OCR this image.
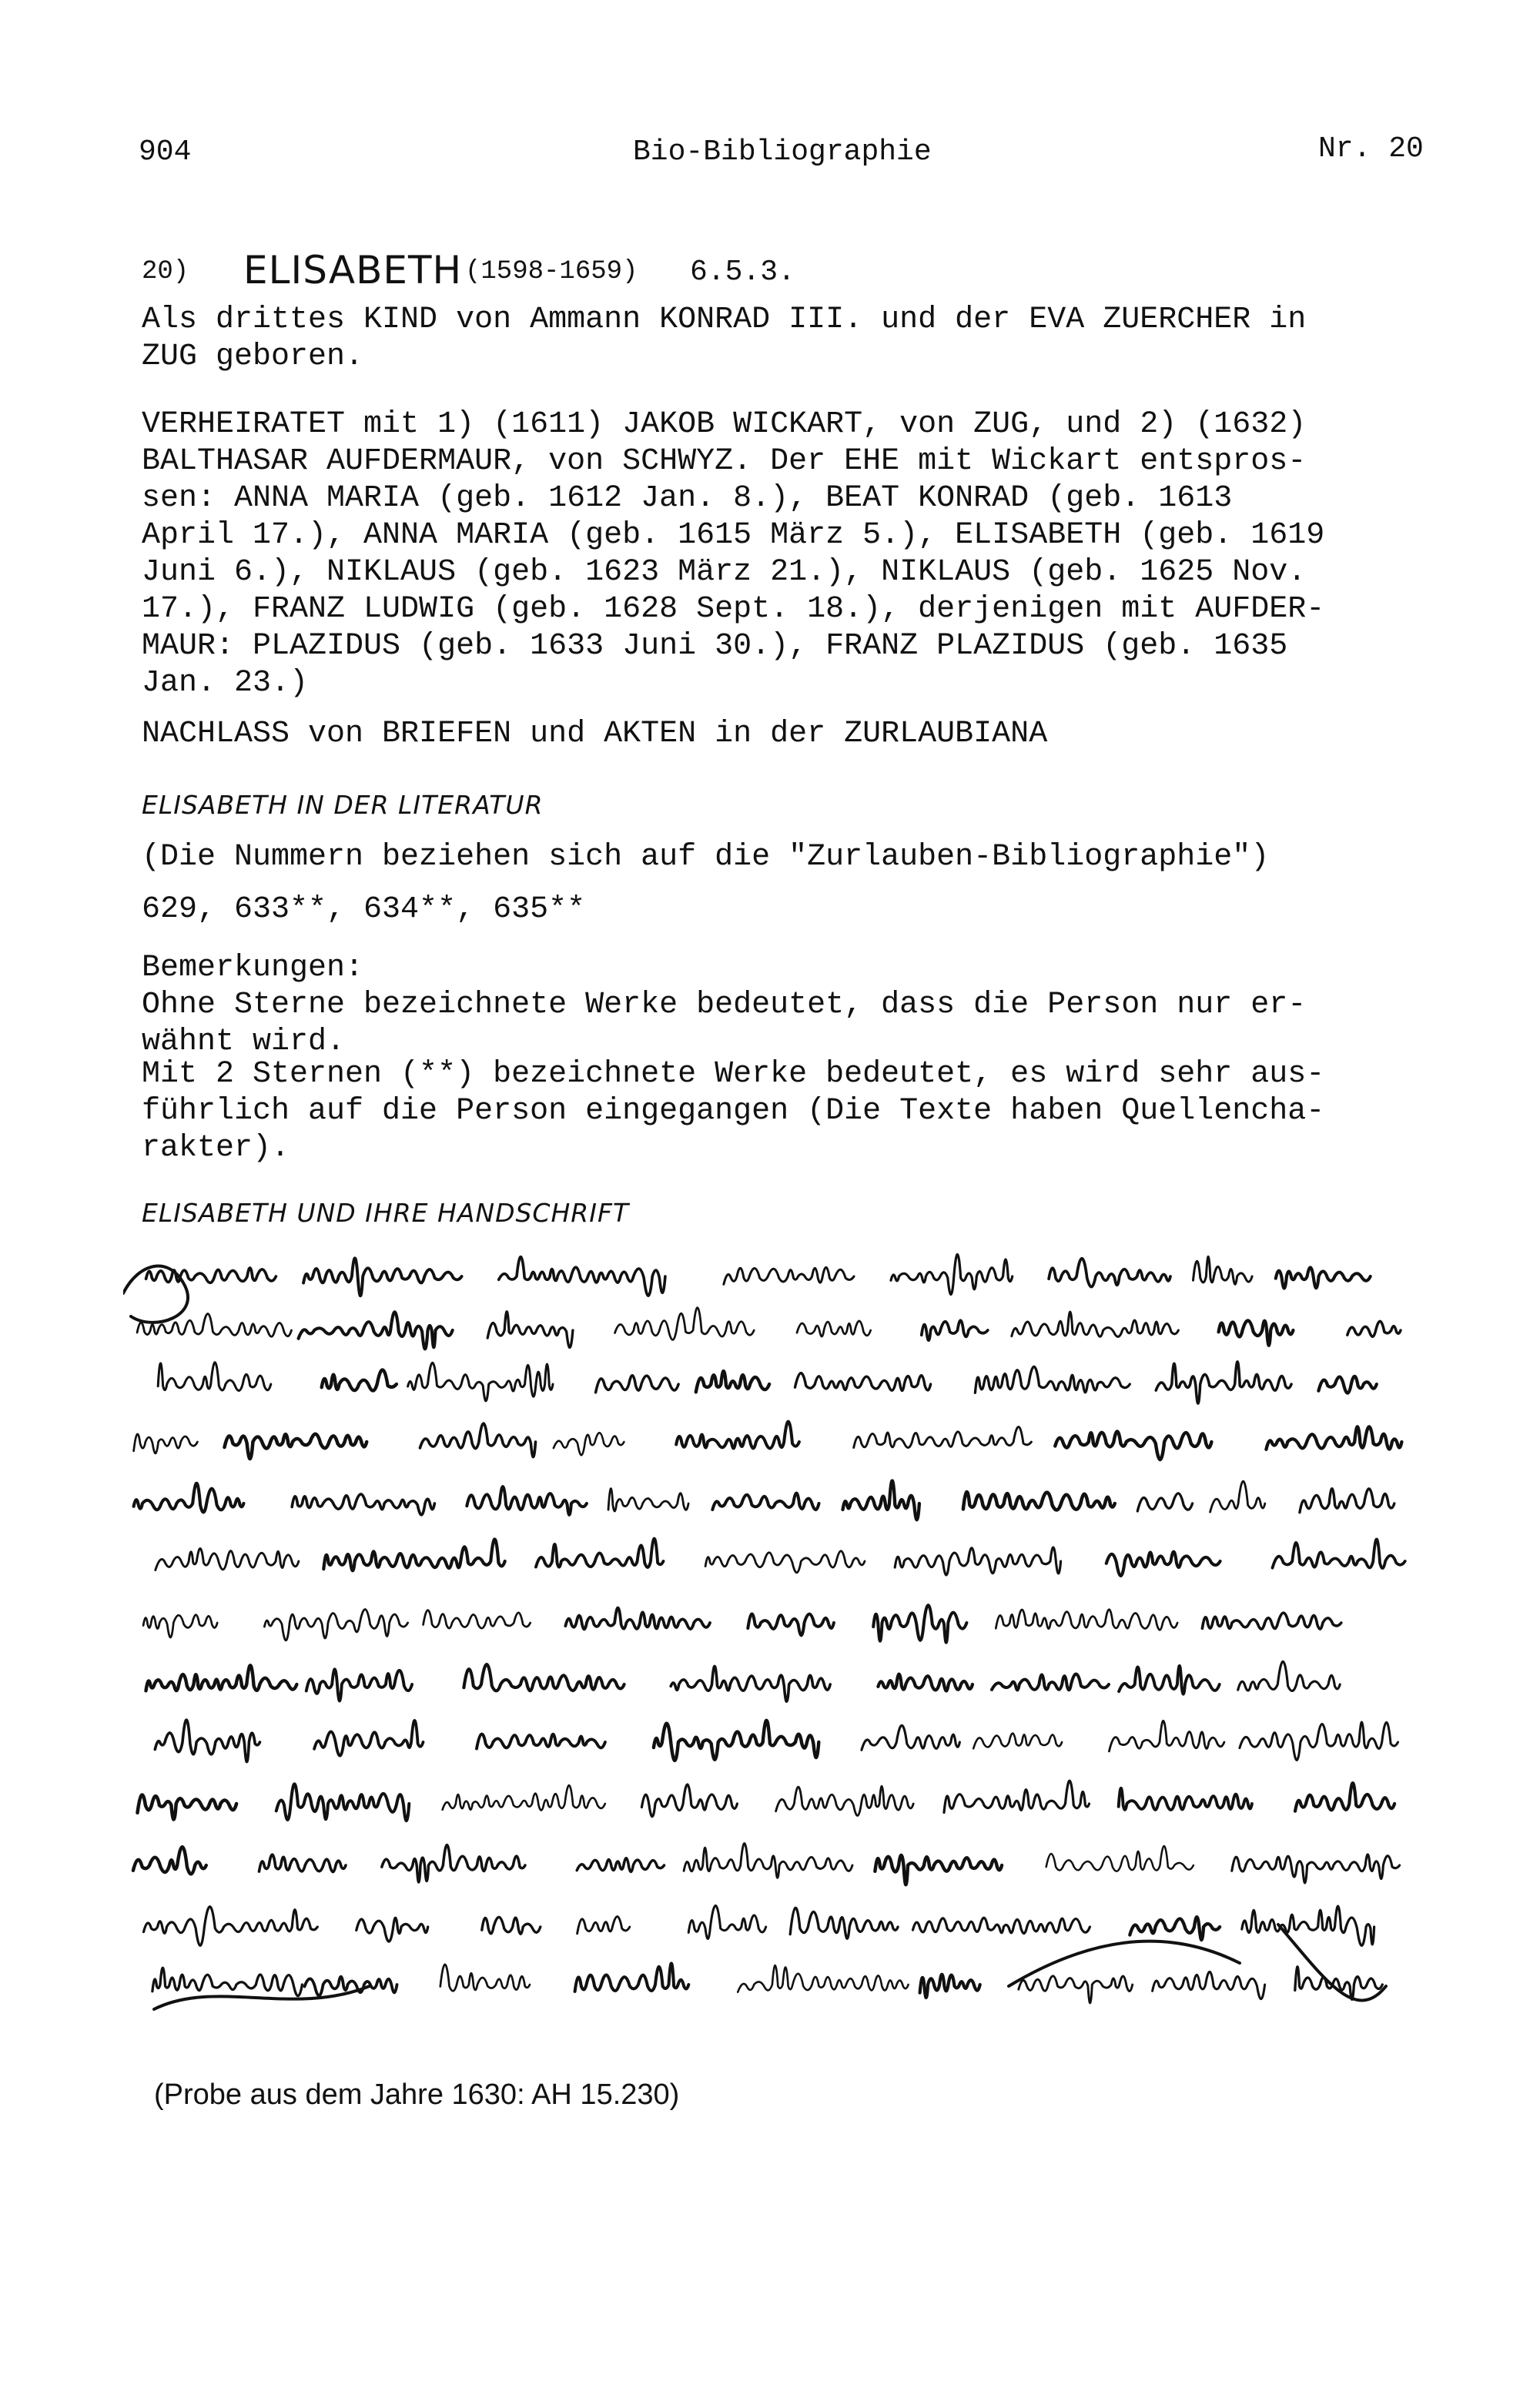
904	Bio-Bibliographie	Nr. 20

20)

ELISABETH

(1598-1659)

6.5.3.

Als drittes KIND von Ammann KONRAD III. und der EVA ZUERCHER in
ZUG geboren.
VERHEIRATET mit 1) (1611) JAKOB WICKART, von ZUG, und 2) (1632)
BALTHASAR AUFDERMAUR, von SCHWYZ. Der EHE mit Wickart entspros-
sen: ANNA MARIA (geb. 1612 Jan. 8.), BEAT KONRAD (geb. 1613
April 17.), ANNA MARIA (geb. 1615 März 5.), ELISABETH (geb. 1619
Juni 6.), NIKLAUS (geb. 1623 März 21.), NIKLAUS (geb. 1625 Nov.
17.), FRANZ LUDWIG (geb. 1628 Sept. 18.), derjenigen mit AUFDER-
MAUR: PLAZIDUS (geb. 1633 Juni 30.), FRANZ PLAZIDUS (geb. 1635
Jan. 23.)
NACHLASS von BRIEFEN und AKTEN in der ZURLAUBIANA
ELISABETH IN DER LITERATUR
(Die Nummern beziehen sich auf die "Zurlauben-Bibliographie")
629, 633**, 634**, 635**
Bemerkungen:
Ohne Sterne bezeichnete Werke bedeutet, dass die Person nur er-
wähnt wird.
Mit 2 Sternen (**) bezeichnete Werke bedeutet, es wird sehr aus-
führlich auf die Person eingegangen (Die Texte haben Quellencha-
rakter).
ELISABETH UND IHRE HANDSCHRIFT
(Probe aus dem Jahre 1630: AH 15.230)
